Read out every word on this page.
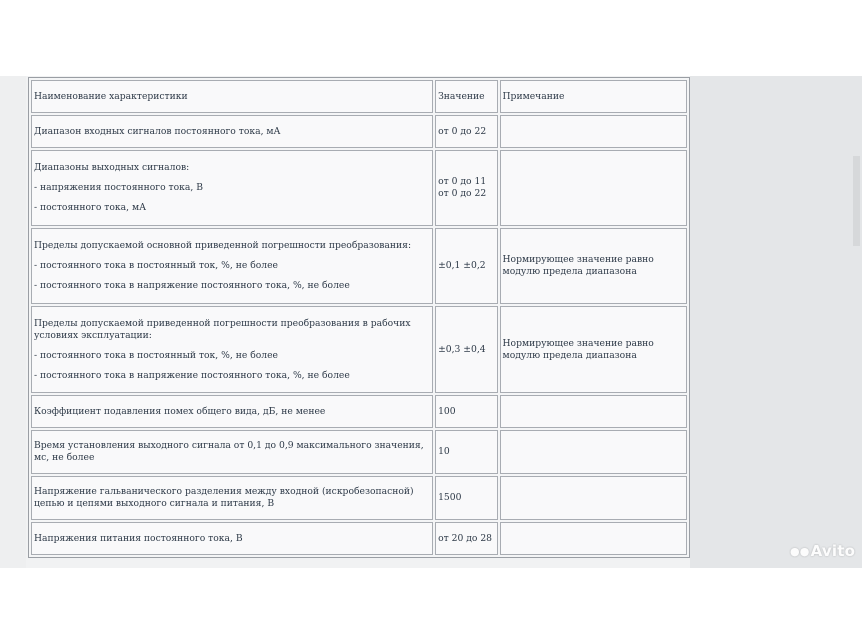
Наименование характеристики	Значение	Примечание

Диапазон входных сигналов постоянного тока, мА	от 0 до 22	

Диапазоны выходных сигналов:
- напряжения постоянного тока, В
- постоянного тока, мА	от 0 до 11 от 0 до 22	

Пределы допускаемой основной приведенной погрешности преобразования:
- постоянного тока в постоянный ток, %, не более
- постоянного тока в напряжение постоянного тока, %, не более	±0,1 ±0,2	Нормирующее значение равно модулю предела диапазона

Пределы допускаемой приведенной погрешности преобразования в рабочих условиях эксплуатации:
- постоянного тока в постоянный ток, %, не более
- постоянного тока в напряжение постоянного тока, %, не более	±0,3 ±0,4	Нормирующее значение равно модулю предела диапазона

Коэффициент подавления помех общего вида, дБ, не менее	100	

Время установления выходного сигнала от 0,1 до 0,9 максимального значения, мс, не более	10	

Напряжение гальванического разделения между входной (искробезопасной) цепью и цепями выходного сигнала и питания, В	1500	

Напряжения питания постоянного тока, В	от 20 до 28	
●●Avito
